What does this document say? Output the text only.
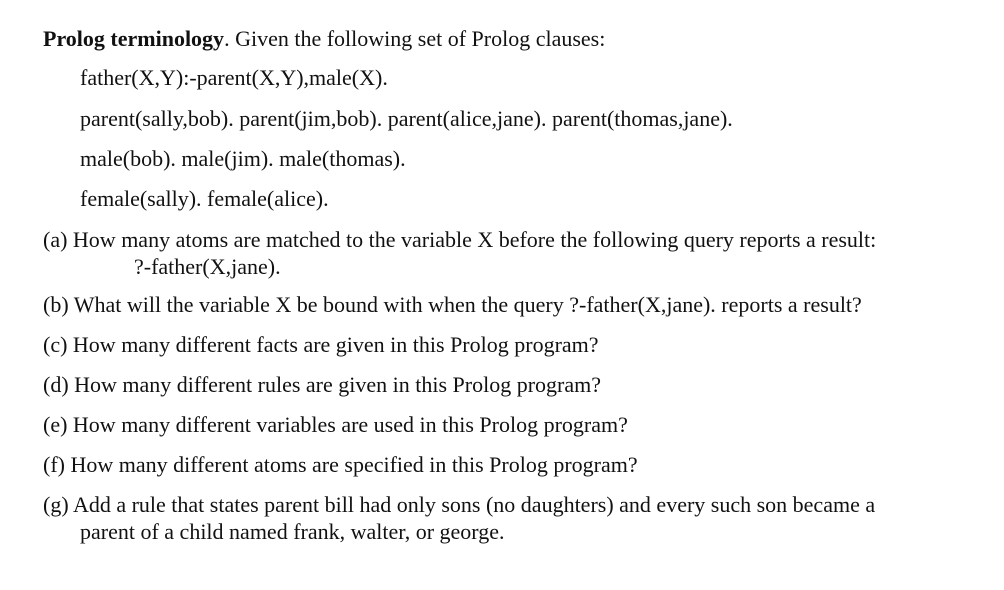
Prolog terminology. Given the following set of Prolog clauses:
father(X,Y):-parent(X,Y),male(X).
parent(sally,bob). parent(jim,bob). parent(alice,jane). parent(thomas,jane).
male(bob). male(jim). male(thomas).
female(sally). female(alice).
(a) How many atoms are matched to the variable X before the following query reports a result:
?-father(X,jane).
(b) What will the variable X be bound with when the query ?-father(X,jane). reports a result?
(c) How many different facts are given in this Prolog program?
(d) How many different rules are given in this Prolog program?
(e) How many different variables are used in this Prolog program?
(f) How many different atoms are specified in this Prolog program?
(g) Add a rule that states parent bill had only sons (no daughters) and every such son became a
parent of a child named frank, walter, or george.
